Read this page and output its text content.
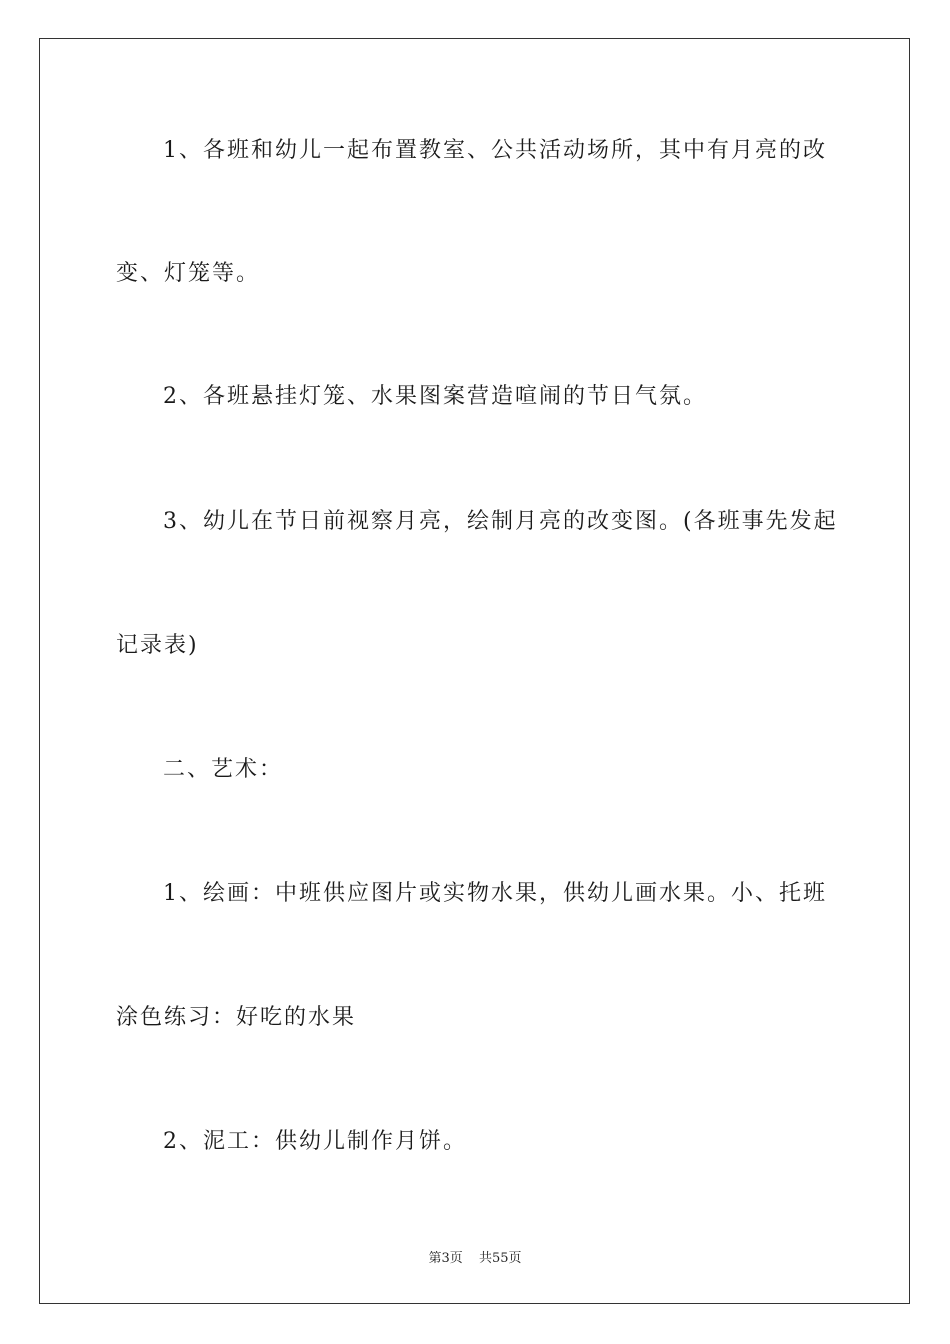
1、各班和幼儿一起布置教室、公共活动场所，其中有月亮的改
变、灯笼等。
2、各班悬挂灯笼、水果图案营造喧闹的节日气氛。
3、幼儿在节日前视察月亮，绘制月亮的改变图。(各班事先发起
记录表)
二、艺术：
1、绘画：中班供应图片或实物水果，供幼儿画水果。小、托班
涂色练习：好吃的水果
2、泥工：供幼儿制作月饼。
第3页 共55页
